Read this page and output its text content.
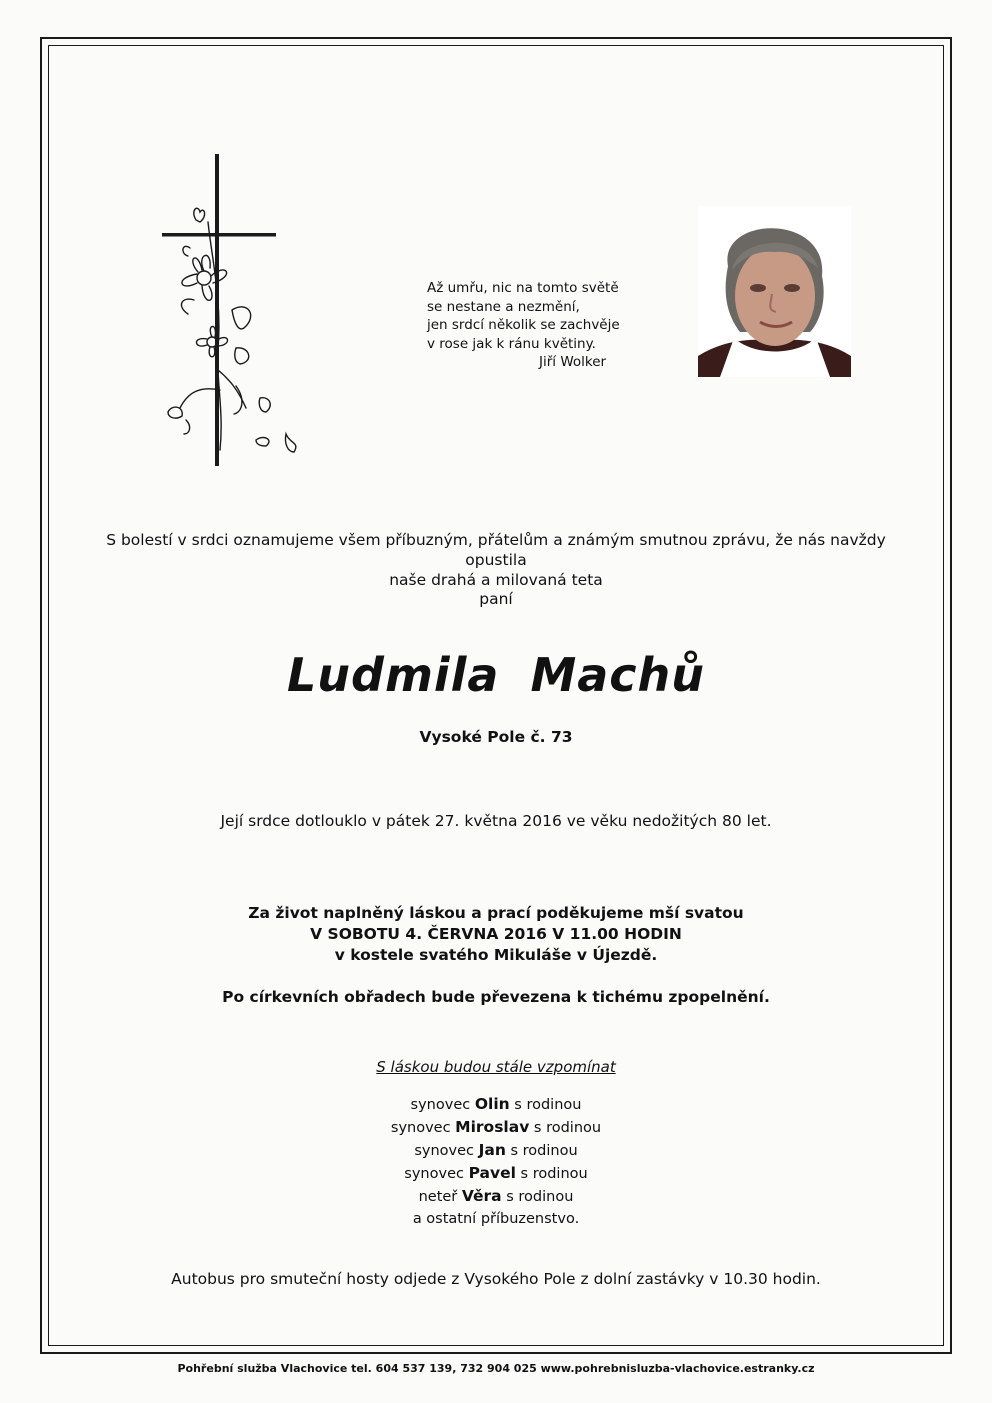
Až umřu, nic na tomto světě
se nestane a nezmění,
jen srdcí několik se zachvěje
v rose jak k ránu květiny.
Jiří Wolker
S bolestí v srdci oznamujeme všem příbuzným, přátelům a známým smutnou zprávu, že nás navždy opustila
naše drahá a milovaná teta
paní
Ludmila Machů
Vysoké Pole č. 73
Její srdce dotlouklo v pátek 27. května 2016 ve věku nedožitých 80 let.
Za život naplněný láskou a prací poděkujeme mší svatou
V SOBOTU 4. ČERVNA 2016 V 11.00 HODIN
v kostele svatého Mikuláše v Újezdě.
Po církevních obřadech bude převezena k tichému zpopelnění.
S láskou budou stále vzpomínat
synovec Olin s rodinou
synovec Miroslav s rodinou
synovec Jan s rodinou
synovec Pavel s rodinou
neteř Věra s rodinou
a ostatní příbuzenstvo.
Autobus pro smuteční hosty odjede z Vysokého Pole z dolní zastávky v 10.30 hodin.
Pohřební služba Vlachovice tel. 604 537 139, 732 904 025 www.pohrebnisluzba-vlachovice.estranky.cz
